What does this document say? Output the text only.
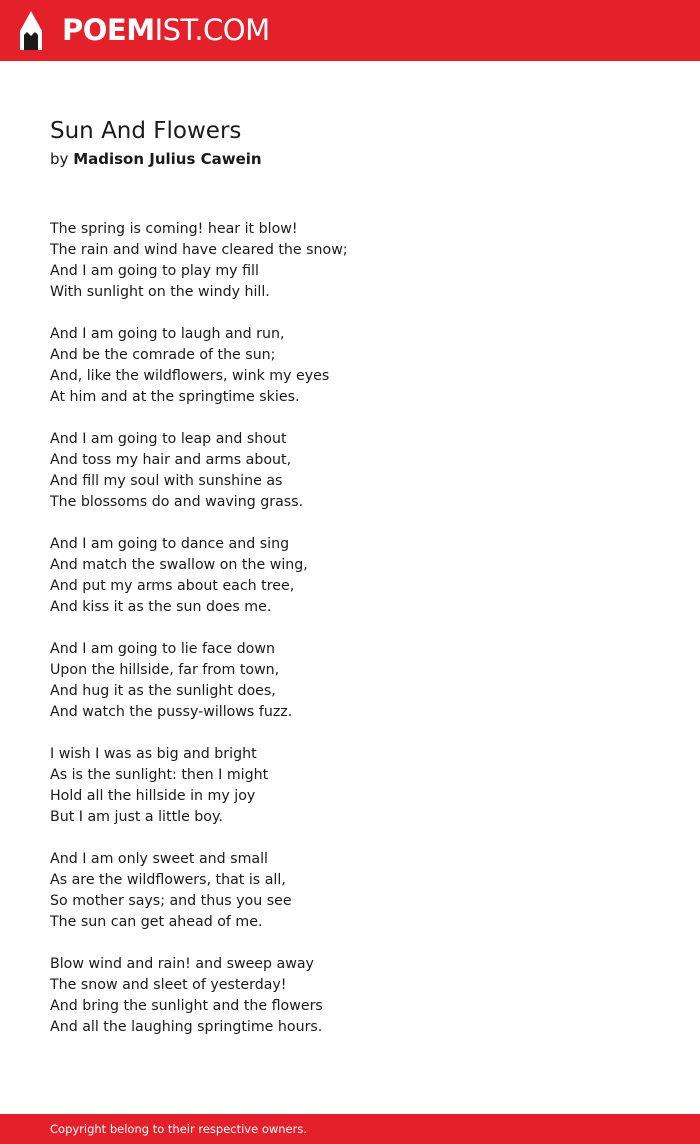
POEMIST.COM
Sun And Flowers
by Madison Julius Cawein
The spring is coming! hear it blow!
The rain and wind have cleared the snow;
And I am going to play my fill
With sunlight on the windy hill.
And I am going to laugh and run,
And be the comrade of the sun;
And, like the wildflowers, wink my eyes
At him and at the springtime skies.
And I am going to leap and shout
And toss my hair and arms about,
And fill my soul with sunshine as
The blossoms do and waving grass.
And I am going to dance and sing
And match the swallow on the wing,
And put my arms about each tree,
And kiss it as the sun does me.
And I am going to lie face down
Upon the hillside, far from town,
And hug it as the sunlight does,
And watch the pussy-willows fuzz.
I wish I was as big and bright
As is the sunlight: then I might
Hold all the hillside in my joy
But I am just a little boy.
And I am only sweet and small
As are the wildflowers, that is all,
So mother says; and thus you see
The sun can get ahead of me.
Blow wind and rain! and sweep away
The snow and sleet of yesterday!
And bring the sunlight and the flowers
And all the laughing springtime hours.
Copyright belong to their respective owners.
